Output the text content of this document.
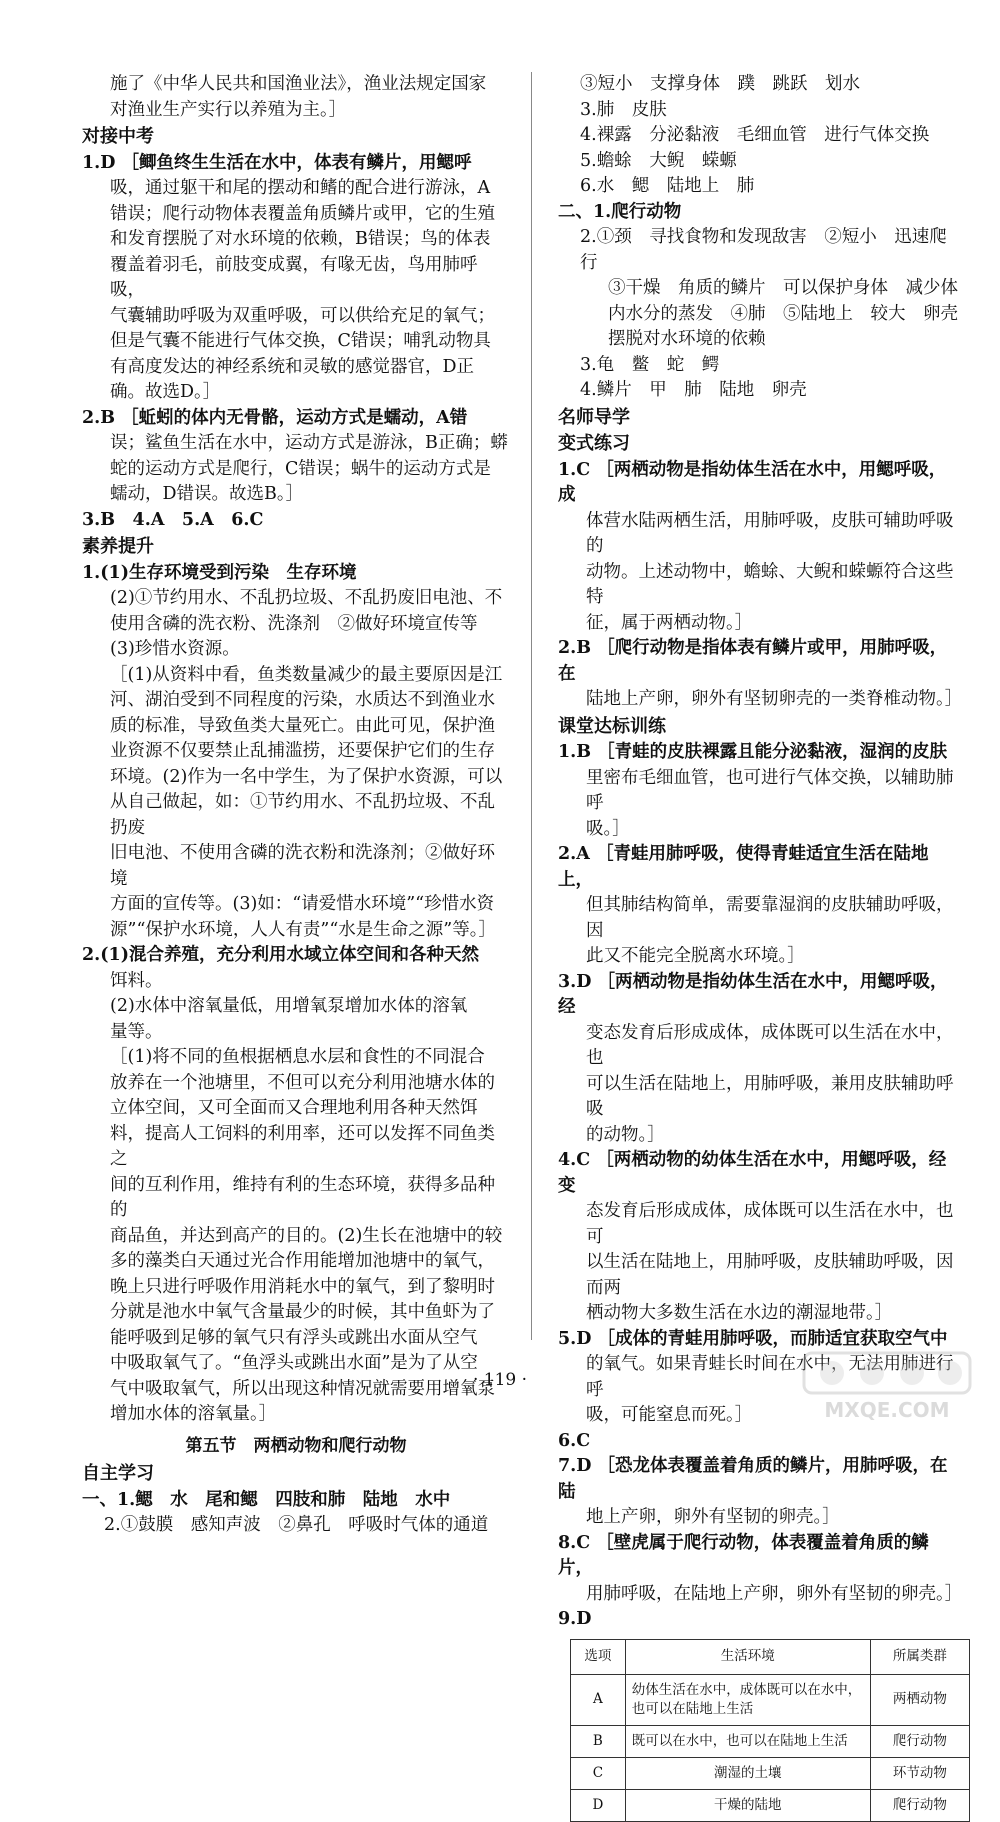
施了《中华人民共和国渔业法》，渔业法规定国家

对渔业生产实行以养殖为主。］

对接中考

1.D ［鲫鱼终生生活在水中，体表有鳞片，用鳃呼

吸，通过躯干和尾的摆动和鳍的配合进行游泳，A

错误；爬行动物体表覆盖角质鳞片或甲，它的生殖

和发育摆脱了对水环境的依赖，B错误；鸟的体表

覆盖着羽毛，前肢变成翼，有喙无齿，鸟用肺呼吸，

气囊辅助呼吸为双重呼吸，可以供给充足的氧气；

但是气囊不能进行气体交换，C错误；哺乳动物具

有高度发达的神经系统和灵敏的感觉器官，D正

确。故选D。］

2.B ［蚯蚓的体内无骨骼，运动方式是蠕动，A错

误；鲨鱼生活在水中，运动方式是游泳，B正确；蟒

蛇的运动方式是爬行，C错误；蜗牛的运动方式是

蠕动，D错误。故选B。］

3.B　4.A　5.A　6.C

素养提升

1.(1)生存环境受到污染　生存环境

(2)①节约用水、不乱扔垃圾、不乱扔废旧电池、不

使用含磷的洗衣粉、洗涤剂　②做好环境宣传等

(3)珍惜水资源。

［(1)从资料中看，鱼类数量减少的最主要原因是江

河、湖泊受到不同程度的污染，水质达不到渔业水

质的标准，导致鱼类大量死亡。由此可见，保护渔

业资源不仅要禁止乱捕滥捞，还要保护它们的生存

环境。(2)作为一名中学生，为了保护水资源，可以

从自己做起，如：①节约用水、不乱扔垃圾、不乱扔废

旧电池、不使用含磷的洗衣粉和洗涤剂；②做好环境

方面的宣传等。(3)如：“请爱惜水环境”“珍惜水资

源”“保护水环境，人人有责”“水是生命之源”等。］

2.(1)混合养殖，充分利用水域立体空间和各种天然

饵料。

(2)水体中溶氧量低，用增氧泵增加水体的溶氧

量等。

［(1)将不同的鱼根据栖息水层和食性的不同混合

放养在一个池塘里，不但可以充分利用池塘水体的

立体空间，又可全面而又合理地利用各种天然饵

料，提高人工饲料的利用率，还可以发挥不同鱼类之

间的互利作用，维持有利的生态环境，获得多品种的

商品鱼，并达到高产的目的。(2)生长在池塘中的较

多的藻类白天通过光合作用能增加池塘中的氧气，

晚上只进行呼吸作用消耗水中的氧气，到了黎明时

分就是池水中氧气含量最少的时候，其中鱼虾为了

能呼吸到足够的氧气只有浮头或跳出水面从空气

中吸取氧气了。“鱼浮头或跳出水面”是为了从空

气中吸取氧气，所以出现这种情况就需要用增氧泵

增加水体的溶氧量。］

第五节　两栖动物和爬行动物
自主学习

一、1.鳃　水　尾和鳃　四肢和肺　陆地　水中

2.①鼓膜　感知声波　②鼻孔　呼吸时气体的通道

③短小　支撑身体　蹼　跳跃　划水

3.肺　皮肤

4.裸露　分泌黏液　毛细血管　进行气体交换

5.蟾蜍　大鲵　蝾螈

6.水　鳃　陆地上　肺

二、1.爬行动物

2.①颈　寻找食物和发现敌害　②短小　迅速爬行

③干燥　角质的鳞片　可以保护身体　减少体

内水分的蒸发　④肺　⑤陆地上　较大　卵壳

摆脱对水环境的依赖

3.龟　鳖　蛇　鳄

4.鳞片　甲　肺　陆地　卵壳

名师导学
变式练习

1.C ［两栖动物是指幼体生活在水中，用鳃呼吸，成

体营水陆两栖生活，用肺呼吸，皮肤可辅助呼吸的

动物。上述动物中，蟾蜍、大鲵和蝾螈符合这些特

征，属于两栖动物。］

2.B ［爬行动物是指体表有鳞片或甲，用肺呼吸，在

陆地上产卵，卵外有坚韧卵壳的一类脊椎动物。］

课堂达标训练

1.B ［青蛙的皮肤裸露且能分泌黏液，湿润的皮肤

里密布毛细血管，也可进行气体交换，以辅助肺呼

吸。］

2.A ［青蛙用肺呼吸，使得青蛙适宜生活在陆地上，

但其肺结构简单，需要靠湿润的皮肤辅助呼吸，因

此又不能完全脱离水环境。］

3.D ［两栖动物是指幼体生活在水中，用鳃呼吸，经

变态发育后形成成体，成体既可以生活在水中，也

可以生活在陆地上，用肺呼吸，兼用皮肤辅助呼吸

的动物。］

4.C ［两栖动物的幼体生活在水中，用鳃呼吸，经变

态发育后形成成体，成体既可以生活在水中，也可

以生活在陆地上，用肺呼吸，皮肤辅助呼吸，因而两

栖动物大多数生活在水边的潮湿地带。］

5.D ［成体的青蛙用肺呼吸，而肺适宜获取空气中

的氧气。如果青蛙长时间在水中，无法用肺进行呼

吸，可能窒息而死。］

6.C

7.D ［恐龙体表覆盖着角质的鳞片，用肺呼吸，在陆

地上产卵，卵外有坚韧的卵壳。］

8.C ［壁虎属于爬行动物，体表覆盖着角质的鳞片，

用肺呼吸，在陆地上产卵，卵外有坚韧的卵壳。］

9.D

选项	生活环境	所属类群
A	幼体生活在水中，成体既可以在水中，也可以在陆地上生活	两栖动物
B	既可以在水中，也可以在陆地上生活	爬行动物
C	潮湿的土壤	环节动物
D	干燥的陆地	爬行动物
· 119 ·
MXQE.COM
